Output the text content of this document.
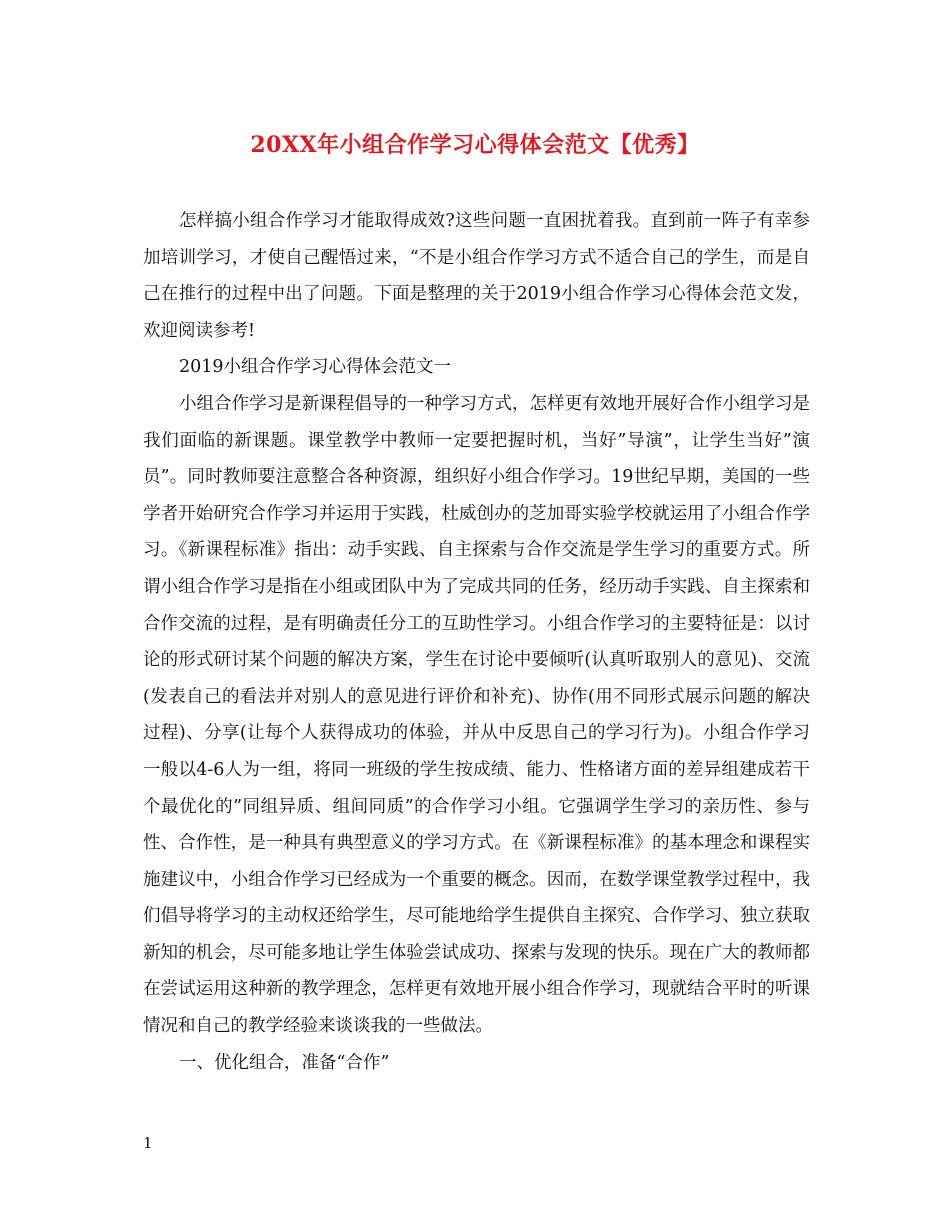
20XX年小组合作学习心得体会范文【优秀】

怎样搞小组合作学习才能取得成效?这些问题一直困扰着我。直到前一阵子有幸参加培训学习，才使自己醒悟过来，“不是小组合作学习方式不适合自己的学生，而是自己在推行的过程中出了问题。下面是整理的关于2019小组合作学习心得体会范文发，欢迎阅读参考!

2019小组合作学习心得体会范文一

小组合作学习是新课程倡导的一种学习方式，怎样更有效地开展好合作小组学习是我们面临的新课题。课堂教学中教师一定要把握时机，当好”导演”，让学生当好”演员”。同时教师要注意整合各种资源，组织好小组合作学习。19世纪早期，美国的一些学者开始研究合作学习并运用于实践，杜威创办的芝加哥实验学校就运用了小组合作学习。《新课程标准》指出：动手实践、自主探索与合作交流是学生学习的重要方式。所谓小组合作学习是指在小组或团队中为了完成共同的任务，经历动手实践、自主探索和合作交流的过程，是有明确责任分工的互助性学习。小组合作学习的主要特征是：以讨论的形式研讨某个问题的解决方案，学生在讨论中要倾听(认真听取别人的意见)、交流(发表自己的看法并对别人的意见进行评价和补充)、协作(用不同形式展示问题的解决过程)、分享(让每个人获得成功的体验，并从中反思自己的学习行为)。小组合作学习一般以4-6人为一组，将同一班级的学生按成绩、能力、性格诸方面的差异组建成若干个最优化的”同组异质、组间同质”的合作学习小组。它强调学生学习的亲历性、参与性、合作性，是一种具有典型意义的学习方式。在《新课程标准》的基本理念和课程实施建议中，小组合作学习已经成为一个重要的概念。因而，在数学课堂教学过程中，我们倡导将学习的主动权还给学生，尽可能地给学生提供自主探究、合作学习、独立获取新知的机会，尽可能多地让学生体验尝试成功、探索与发现的快乐。现在广大的教师都在尝试运用这种新的教学理念，怎样更有效地开展小组合作学习，现就结合平时的听课情况和自己的教学经验来谈谈我的一些做法。

一、优化组合，准备“合作”

1
